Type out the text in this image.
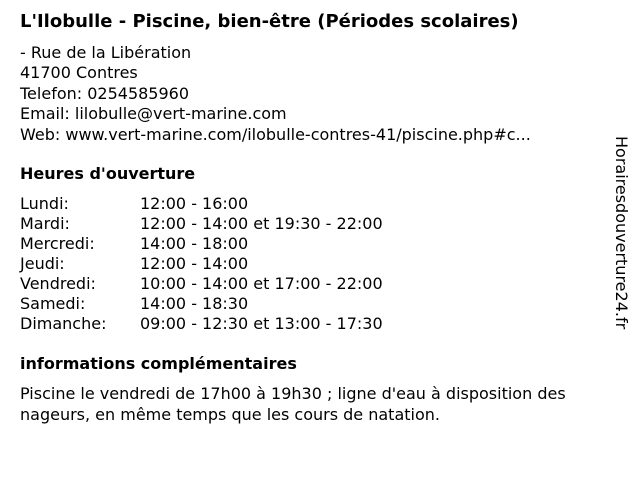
L'Ilobulle - Piscine, bien-être (Périodes scolaires)
- Rue de la Libération
41700 Contres
Telefon: 0254585960
Email: lilobulle@vert-marine.com
Web: www.vert-marine.com/ilobulle-contres-41/piscine.php#c...
Heures d'ouverture
Lundi:	12:00 - 16:00
Mardi:	12:00 - 14:00 et 19:30 - 22:00
Mercredi:	14:00 - 18:00
Jeudi:	12:00 - 14:00
Vendredi:	10:00 - 14:00 et 17:00 - 22:00
Samedi:	14:00 - 18:30
Dimanche:	09:00 - 12:30 et 13:00 - 17:30
informations complémentaires
Piscine le vendredi de 17h00 à 19h30 ; ligne d'eau à disposition des nageurs, en même temps que les cours de natation.
Horairesdouverture24.fr
